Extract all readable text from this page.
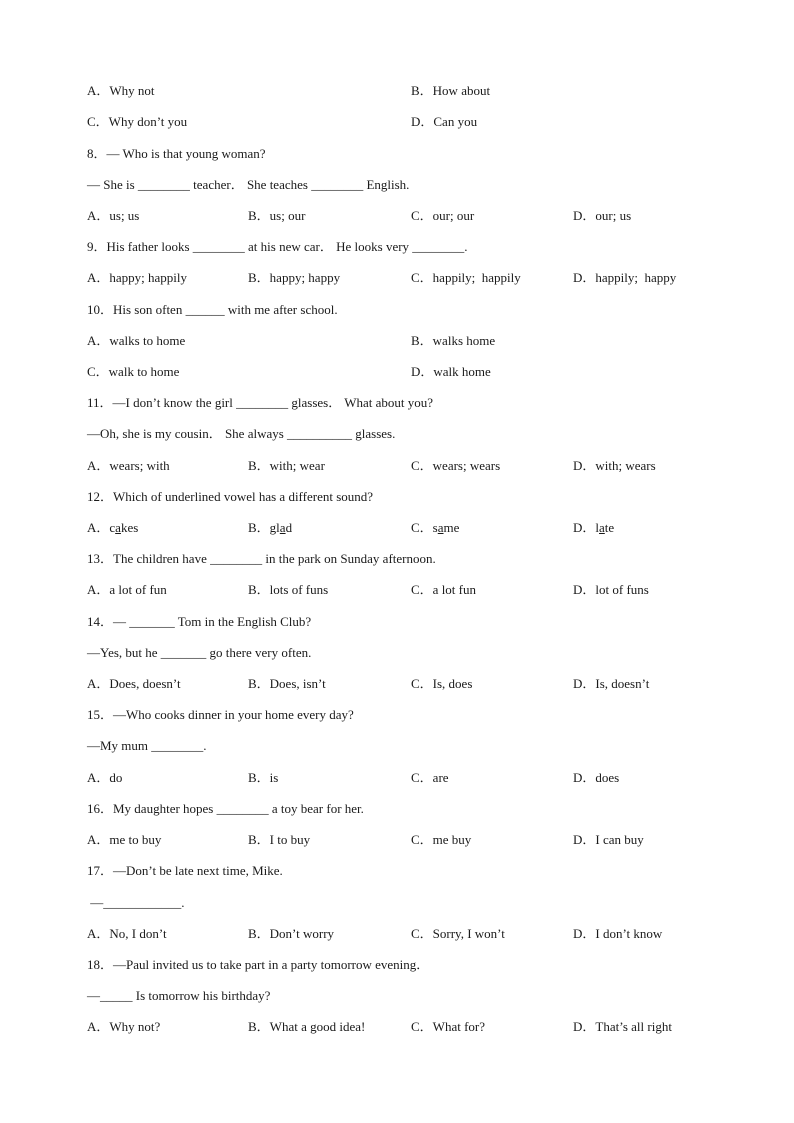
A．Why not	B．How about
C．Why don’t you	D．Can you
8．— Who is that young woman?
— She is ________ teacher． She teaches ________ English.
A．us; us	B．us; our	C．our; our	D．our; us
9．His father looks ________ at his new car． He looks very ________.
A．happy; happily	B．happy; happy	C．happily;  happily	D．happily;  happy
10．His son often ______ with me after school.
A．walks to home	B．walks home
C．walk to home	D．walk home
11．—I don’t know the girl ________ glasses． What about you?
—Oh, she is my cousin． She always __________ glasses.
A．wears; with	B．with; wear	C．wears; wears	D．with; wears
12．Which of underlined vowel has a different sound?
A．cakes	B．glad	C．same	D．late
13．The children have ________ in the park on Sunday afternoon.
A．a lot of fun	B．lots of funs	C．a lot fun	D．lot of funs
14．— _______ Tom in the English Club?
—Yes, but he _______ go there very often.
A．Does, doesn’t	B．Does, isn’t	C．Is, does	D．Is, doesn’t
15．—Who cooks dinner in your home every day?
—My mum ________.
A．do	B．is	C．are	D．does
16．My daughter hopes ________ a toy bear for her.
A．me to buy	B．I to buy	C．me buy	D．I can buy
17．—Don’t be late next time, Mike.
—____________.
A．No, I don’t	B．Don’t worry	C．Sorry, I won’t	D．I don’t know
18．—Paul invited us to take part in a party tomorrow evening．
—_____ Is tomorrow his birthday?
A．Why not?	B．What a good idea!	C．What for?	D．That’s all right
